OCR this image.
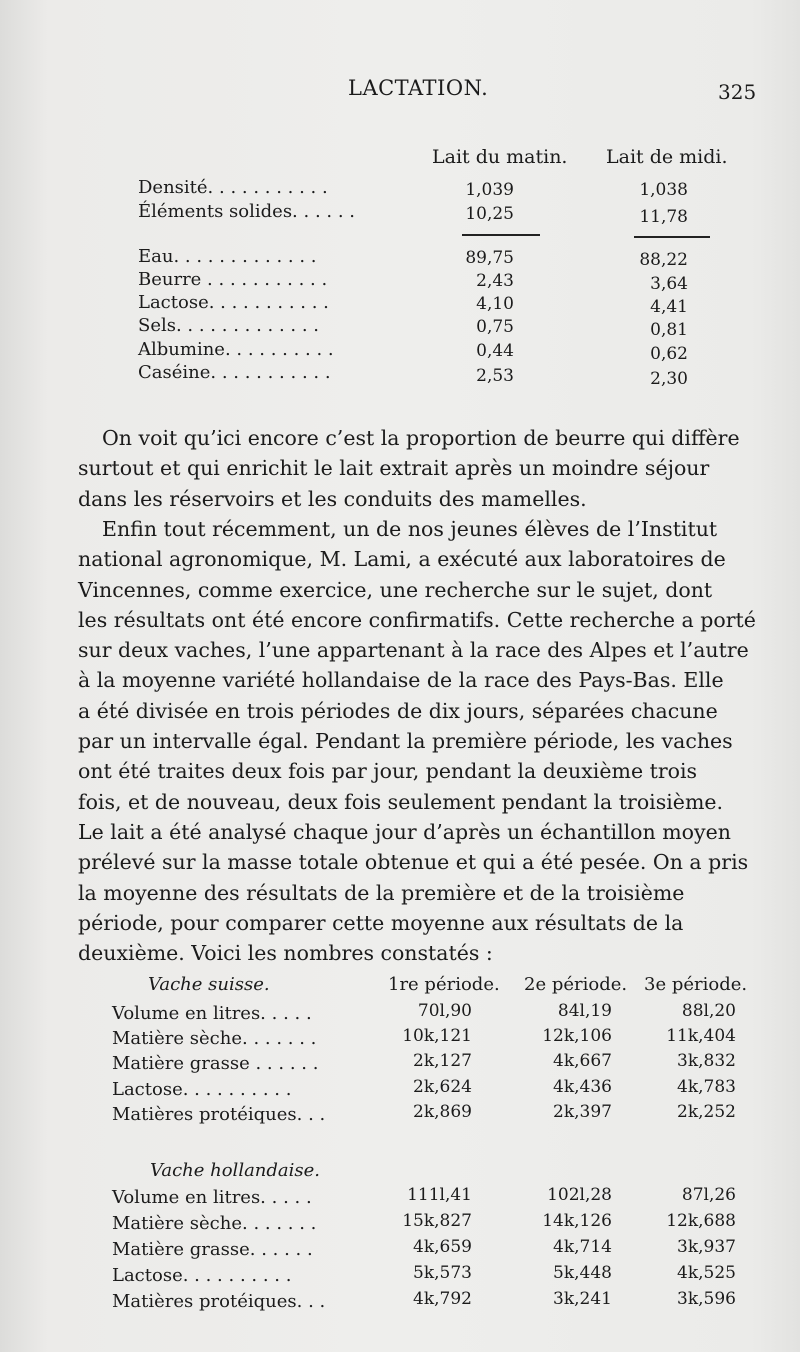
LACTATION.	325
Lait du matin. Lait de midi.
Densité. . . . . . . . . . .	1,039	1,038
Éléments solides. . . . . .	10,25	11,78
Eau. . . . . . . . . . . . .	89,75	88,22
Beurre . . . . . . . . . . .	2,43	3,64
Lactose. . . . . . . . . . .	4,10	4,41
Sels. . . . . . . . . . . . .	0,75	0,81
Albumine. . . . . . . . . .	0,44	0,62
Caséine. . . . . . . . . . .	2,53	2,30
On voit qu’ici encore c’est la proportion de beurre qui diffère
surtout et qui enrichit le lait extrait après un moindre séjour
dans les réservoirs et les conduits des mamelles.
Enfin tout récemment, un de nos jeunes élèves de l’Institut
national agronomique, M. Lami, a exécuté aux laboratoires de
Vincennes, comme exercice, une recherche sur le sujet, dont
les résultats ont été encore confirmatifs. Cette recherche a porté
sur deux vaches, l’une appartenant à la race des Alpes et l’autre
à la moyenne variété hollandaise de la race des Pays-Bas. Elle
a été divisée en trois périodes de dix jours, séparées chacune
par un intervalle égal. Pendant la première période, les vaches
ont été traites deux fois par jour, pendant la deuxième trois
fois, et de nouveau, deux fois seulement pendant la troisième.
Le lait a été analysé chaque jour d’après un échantillon moyen
prélevé sur la masse totale obtenue et qui a été pesée. On a pris
la moyenne des résultats de la première et de la troisième
période, pour comparer cette moyenne aux résultats de la
deuxième. Voici les nombres constatés :
Vache suisse.	1re période. 2e période. 3e période.
Volume en litres. . . . .	70l,90	84l,19	88l,20
Matière sèche. . . . . . .	10k,121	12k,106	11k,404
Matière grasse . . . . . .	2k,127	4k,667	3k,832
Lactose. . . . . . . . . .	2k,624	4k,436	4k,783
Matières protéiques. . .	2k,869	2k,397	2k,252
Vache hollandaise.
Volume en litres. . . . .	111l,41	102l,28	87l,26
Matière sèche. . . . . . .	15k,827	14k,126	12k,688
Matière grasse. . . . . .	4k,659	4k,714	3k,937
Lactose. . . . . . . . . .	5k,573	5k,448	4k,525
Matières protéiques. . .	4k,792	3k,241	3k,596
